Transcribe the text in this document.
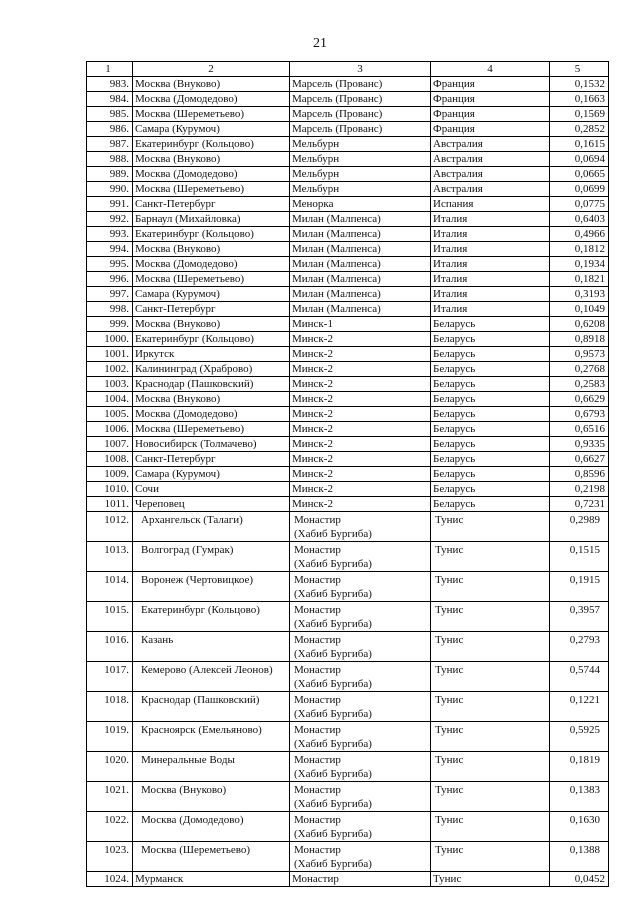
21
1	2	3	4	5
983.	Москва (Внуково)	Марсель (Прованс)	Франция	0,1532
984.	Москва (Домодедово)	Марсель (Прованс)	Франция	0,1663
985.	Москва (Шереметьево)	Марсель (Прованс)	Франция	0,1569
986.	Самара (Курумоч)	Марсель (Прованс)	Франция	0,2852
987.	Екатеринбург (Кольцово)	Мельбурн	Австралия	0,1615
988.	Москва (Внуково)	Мельбурн	Австралия	0,0694
989.	Москва (Домодедово)	Мельбурн	Австралия	0,0665
990.	Москва (Шереметьево)	Мельбурн	Австралия	0,0699
991.	Санкт-Петербург	Менорка	Испания	0,0775
992.	Барнаул (Михайловка)	Милан (Малпенса)	Италия	0,6403
993.	Екатеринбург (Кольцово)	Милан (Малпенса)	Италия	0,4966
994.	Москва (Внуково)	Милан (Малпенса)	Италия	0,1812
995.	Москва (Домодедово)	Милан (Малпенса)	Италия	0,1934
996.	Москва (Шереметьево)	Милан (Малпенса)	Италия	0,1821
997.	Самара (Курумоч)	Милан (Малпенса)	Италия	0,3193
998.	Санкт-Петербург	Милан (Малпенса)	Италия	0,1049
999.	Москва (Внуково)	Минск-1	Беларусь	0,6208
1000.	Екатеринбург (Кольцово)	Минск-2	Беларусь	0,8918
1001.	Иркутск	Минск-2	Беларусь	0,9573
1002.	Калининград (Храброво)	Минск-2	Беларусь	0,2768
1003.	Краснодар (Пашковский)	Минск-2	Беларусь	0,2583
1004.	Москва (Внуково)	Минск-2	Беларусь	0,6629
1005.	Москва (Домодедово)	Минск-2	Беларусь	0,6793
1006.	Москва (Шереметьево)	Минск-2	Беларусь	0,6516
1007.	Новосибирск (Толмачево)	Минск-2	Беларусь	0,9335
1008.	Санкт-Петербург	Минск-2	Беларусь	0,6627
1009.	Самара (Курумоч)	Минск-2	Беларусь	0,8596
1010.	Сочи	Минск-2	Беларусь	0,2198
1011.	Череповец	Минск-2	Беларусь	0,7231
1012.	Архангельск (Талаги)	Монастир
(Хабиб Бургиба)	Тунис	0,2989
1013.	Волгоград (Гумрак)	Монастир
(Хабиб Бургиба)	Тунис	0,1515
1014.	Воронеж (Чертовицкое)	Монастир
(Хабиб Бургиба)	Тунис	0,1915
1015.	Екатеринбург (Кольцово)	Монастир
(Хабиб Бургиба)	Тунис	0,3957
1016.	Казань	Монастир
(Хабиб Бургиба)	Тунис	0,2793
1017.	Кемерово (Алексей Леонов)	Монастир
(Хабиб Бургиба)	Тунис	0,5744
1018.	Краснодар (Пашковский)	Монастир
(Хабиб Бургиба)	Тунис	0,1221
1019.	Красноярск (Емельяново)	Монастир
(Хабиб Бургиба)	Тунис	0,5925
1020.	Минеральные Воды	Монастир
(Хабиб Бургиба)	Тунис	0,1819
1021.	Москва (Внуково)	Монастир
(Хабиб Бургиба)	Тунис	0,1383
1022.	Москва (Домодедово)	Монастир
(Хабиб Бургиба)	Тунис	0,1630
1023.	Москва (Шереметьево)	Монастир
(Хабиб Бургиба)	Тунис	0,1388
1024.	Мурманск	Монастир	Тунис	0,0452
